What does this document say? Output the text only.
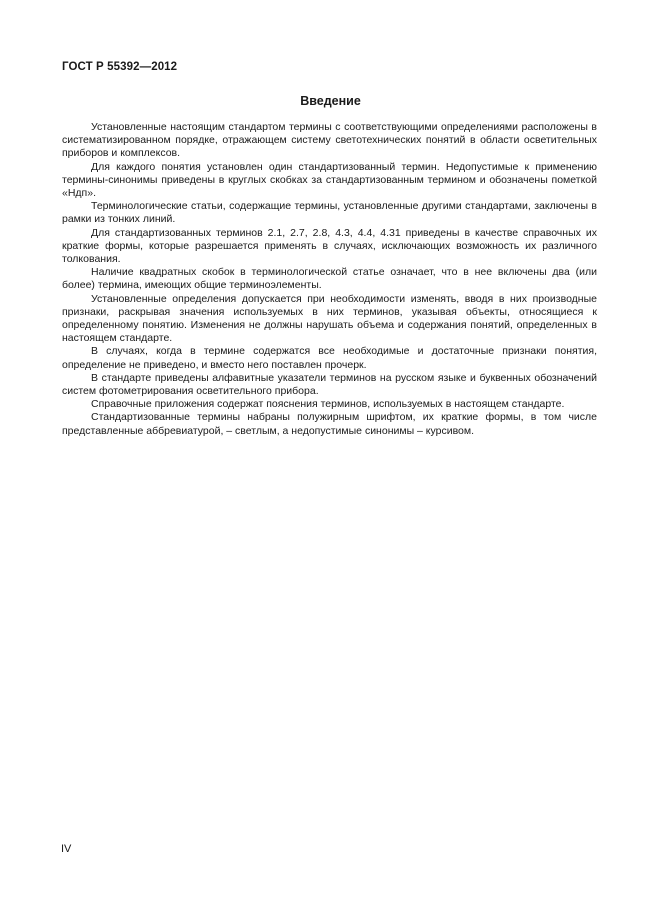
ГОСТ Р 55392—2012
Введение

Установленные настоящим стандартом термины с соответствующими определениями расположены в систематизированном порядке, отражающем систему светотехнических понятий в области осветительных приборов и комплексов.

Для каждого понятия установлен один стандартизованный термин. Недопустимые к применению термины-синонимы приведены в круглых скобках за стандартизованным термином и обозначены пометкой «Ндп».

Терминологические статьи, содержащие термины, установленные другими стандартами, заключены в рамки из тонких линий.

Для стандартизованных терминов 2.1, 2.7, 2.8, 4.3, 4.4, 4.31 приведены в качестве справочных их краткие формы, которые разрешается применять в случаях, исключающих возможность их различного толкования.

Наличие квадратных скобок в терминологической статье означает, что в нее включены два (или более) термина, имеющих общие терминоэлементы.

Установленные определения допускается при необходимости изменять, вводя в них производные признаки, раскрывая значения используемых в них терминов, указывая объекты, относящиеся к определенному понятию. Изменения не должны нарушать объема и содержания понятий, определенных в настоящем стандарте.

В случаях, когда в термине содержатся все необходимые и достаточные признаки понятия, определение не приведено, и вместо него поставлен прочерк.

В стандарте приведены алфавитные указатели терминов на русском языке и буквенных обозначений систем фотометрирования осветительного прибора.

Справочные приложения содержат пояснения терминов, используемых в настоящем стандарте.

Стандартизованные термины набраны полужирным шрифтом, их краткие формы, в том числе представленные аббревиатурой, – светлым, а недопустимые синонимы – курсивом.

IV
